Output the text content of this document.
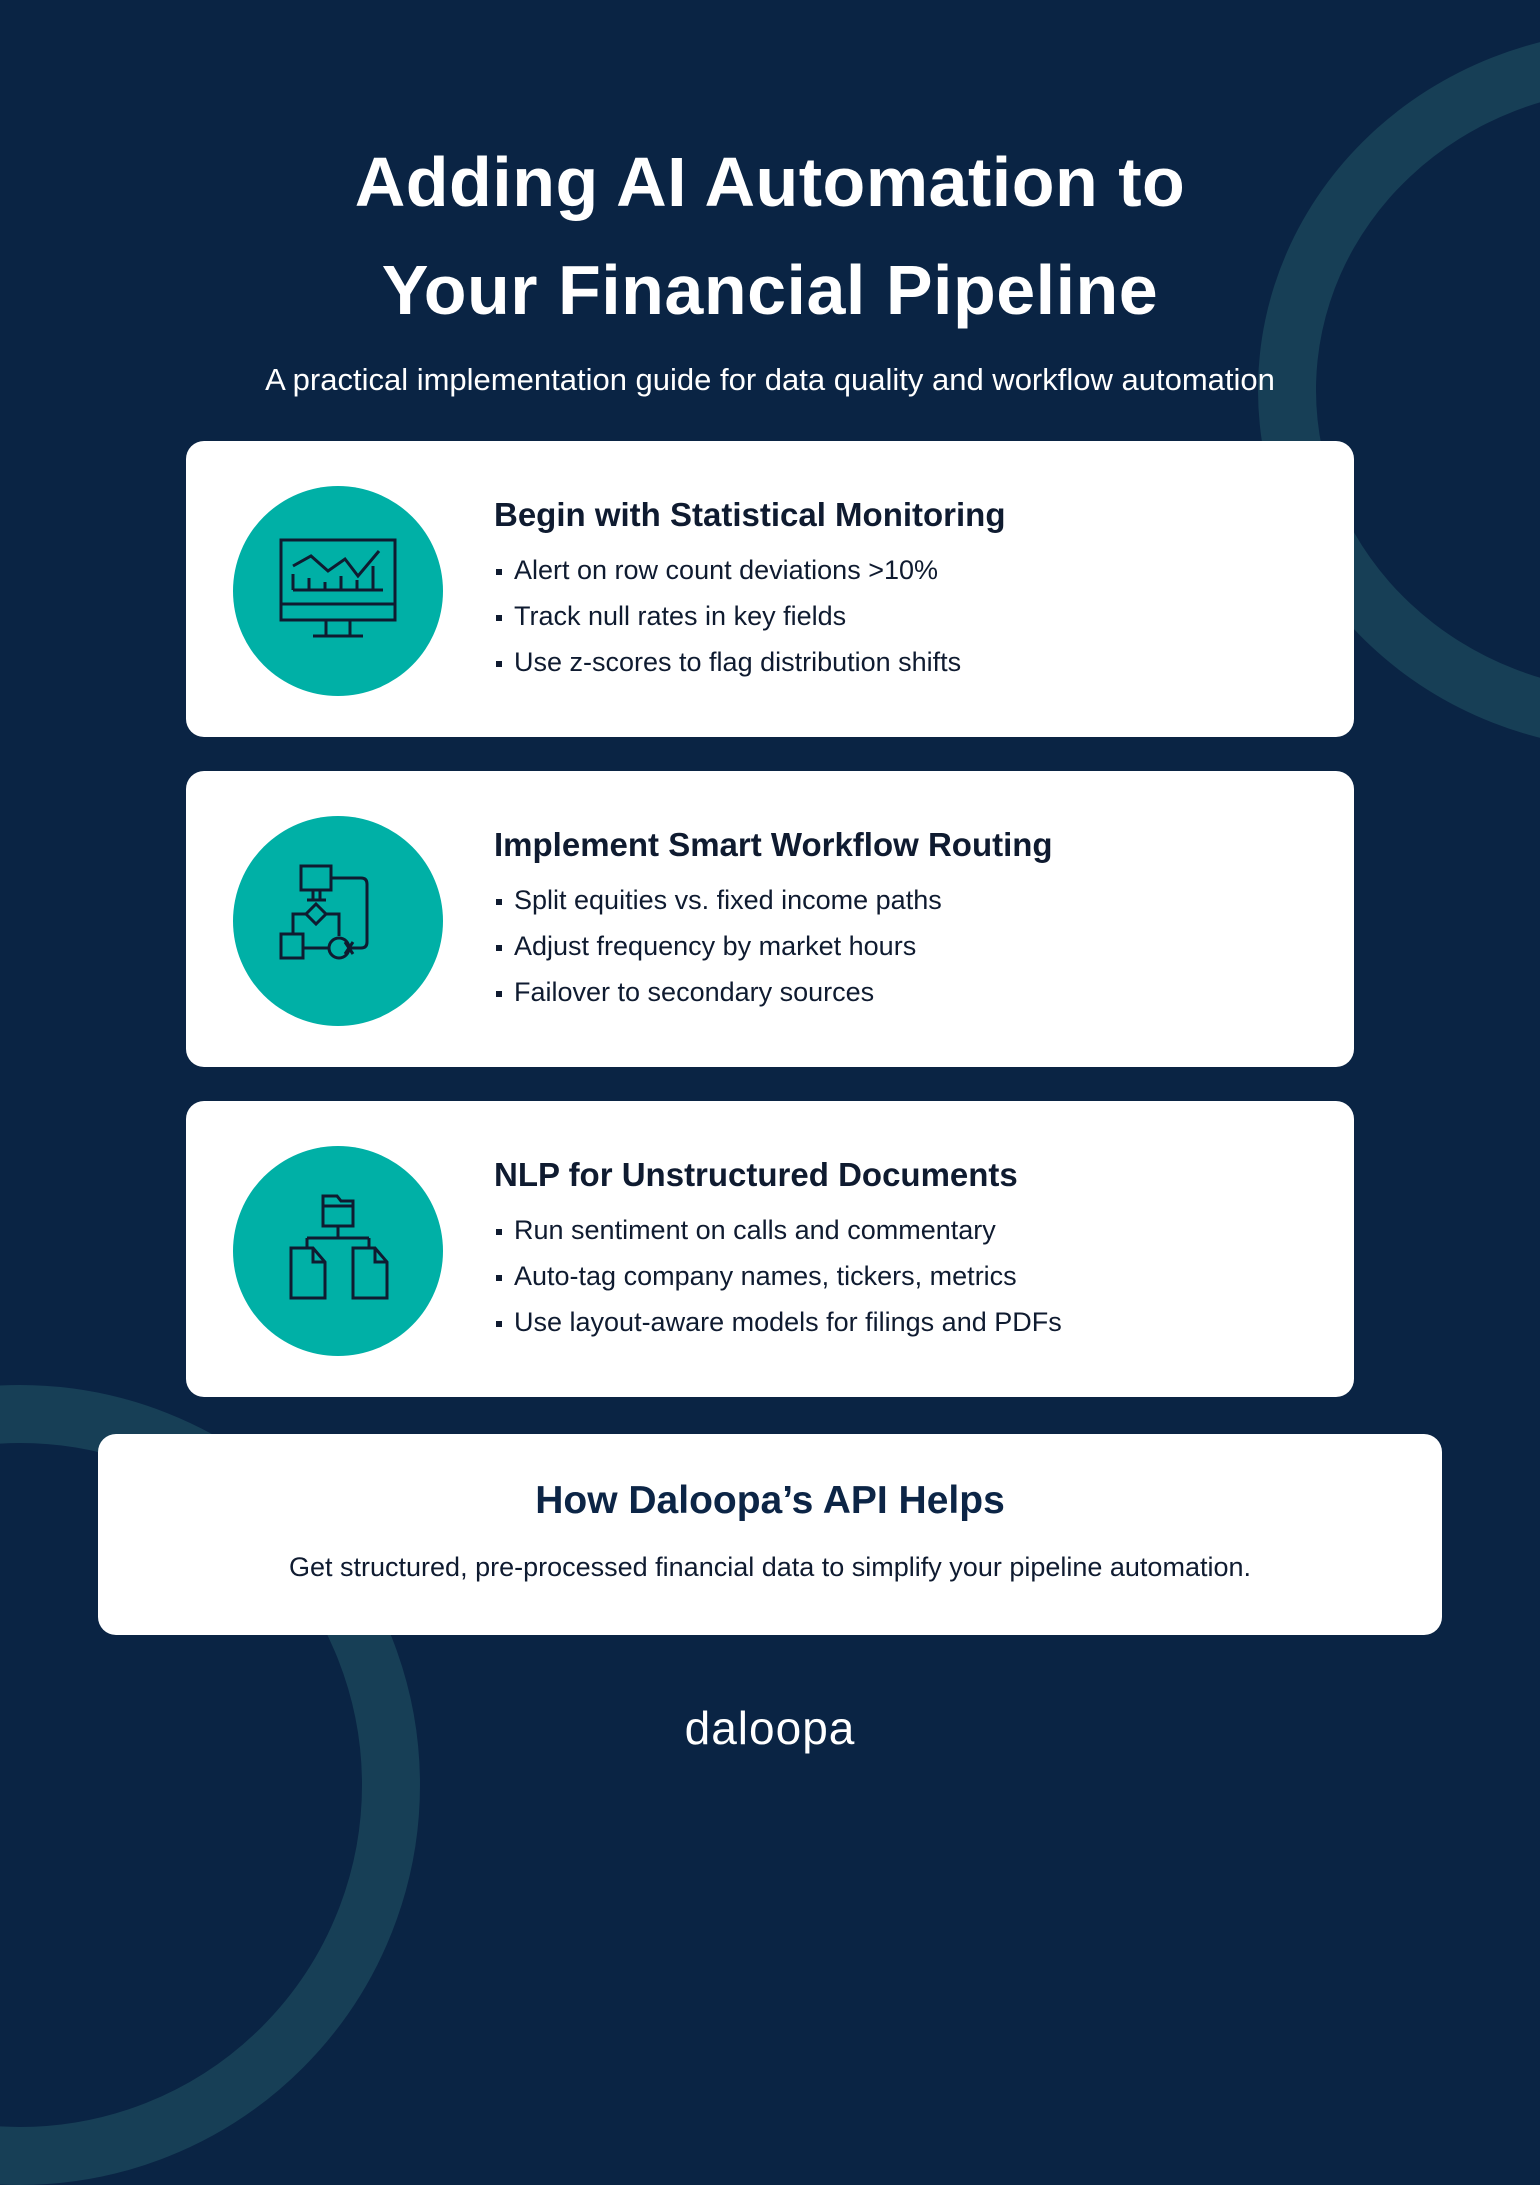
Adding AI Automation to
Your Financial Pipeline
A practical implementation guide for data quality and workflow automation
Begin with Statistical Monitoring
Alert on row count deviations >10%
Track null rates in key fields
Use z-scores to flag distribution shifts
Implement Smart Workflow Routing
Split equities vs. fixed income paths
Adjust frequency by market hours
Failover to secondary sources
NLP for Unstructured Documents
Run sentiment on calls and commentary
Auto-tag company names, tickers, metrics
Use layout-aware models for filings and PDFs
How Daloopa’s API Helps
Get structured, pre-processed financial data to simplify your pipeline automation.
daloopa
